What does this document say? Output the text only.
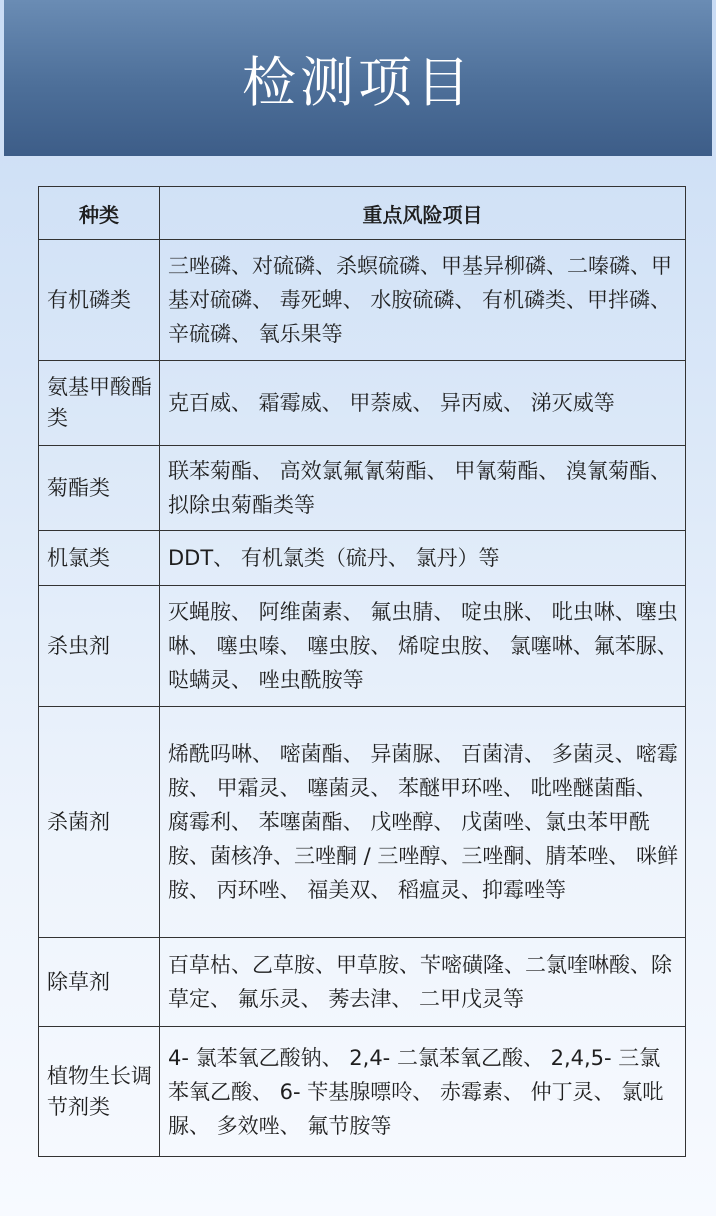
检测项目
种类	重点风险项目
有机磷类	三唑磷、对硫磷、杀螟硫磷、甲基异柳磷、二嗪磷、甲基对硫磷、 毒死蜱、 水胺硫磷、 有机磷类、甲拌磷、 辛硫磷、 氧乐果等
氨基甲酸酯类	克百威、 霜霉威、 甲萘威、 异丙威、 涕灭威等
菊酯类	联苯菊酯、 高效氯氟氰菊酯、 甲氰菊酯、 溴氰菊酯、 拟除虫菊酯类等
机氯类	DDT、 有机氯类（硫丹、 氯丹）等
杀虫剂	灭蝇胺、 阿维菌素、 氟虫腈、 啶虫脒、 吡虫啉、噻虫啉、 噻虫嗪、 噻虫胺、 烯啶虫胺、 氯噻啉、氟苯脲、 哒螨灵、 唑虫酰胺等
杀菌剂	烯酰吗啉、 嘧菌酯、 异菌脲、 百菌清、 多菌灵、嘧霉胺、 甲霜灵、 噻菌灵、 苯醚甲环唑、 吡唑醚菌酯、 腐霉利、 苯噻菌酯、 戊唑醇、 戊菌唑、氯虫苯甲酰胺、菌核净、三唑酮 / 三唑醇、三唑酮、腈苯唑、 咪鲜胺、 丙环唑、 福美双、 稻瘟灵、抑霉唑等
除草剂	百草枯、乙草胺、甲草胺、苄嘧磺隆、二氯喹啉酸、除草定、 氟乐灵、 莠去津、 二甲戊灵等
植物生长调节剂类	4- 氯苯氧乙酸钠、 2,4- 二氯苯氧乙酸、 2,4,5- 三氯苯氧乙酸、 6- 苄基腺嘌呤、 赤霉素、 仲丁灵、 氯吡脲、 多效唑、 氟节胺等
